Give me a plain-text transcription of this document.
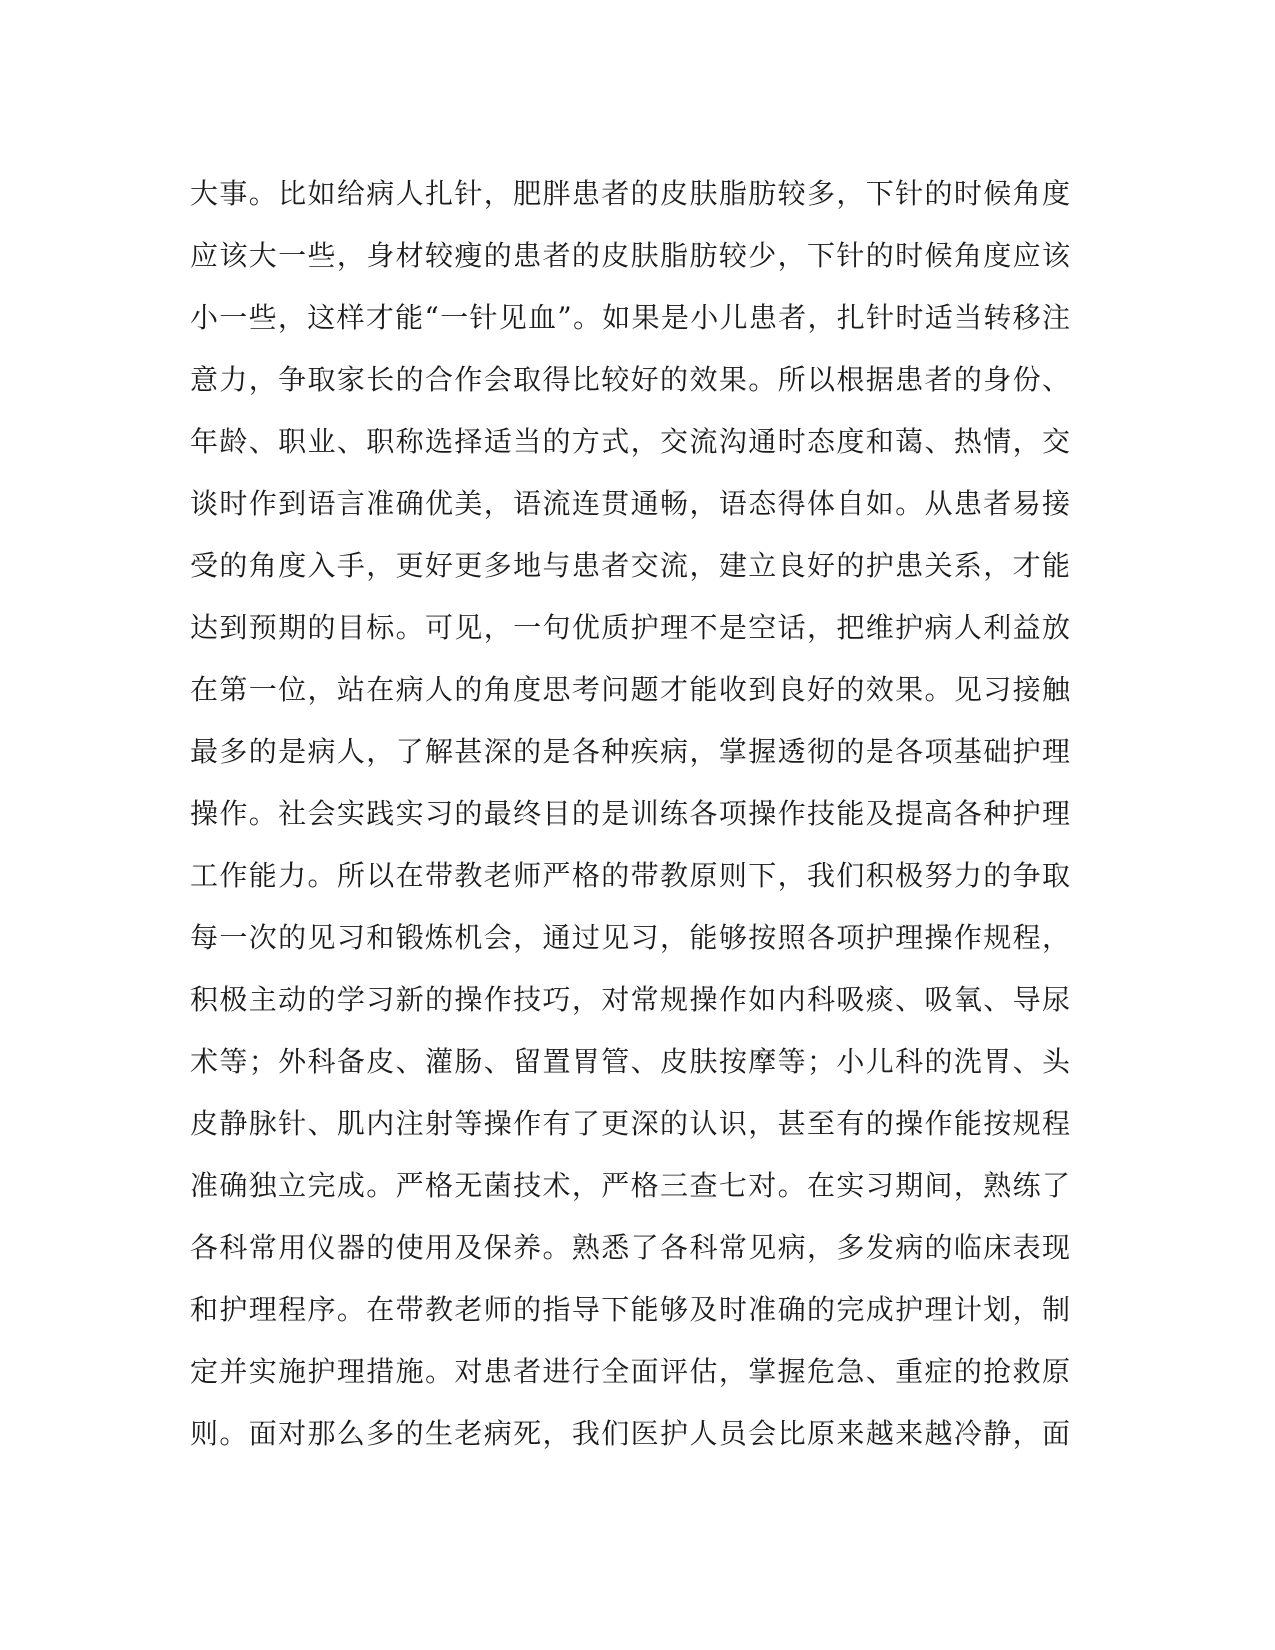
大事。比如给病人扎针，肥胖患者的皮肤脂肪较多，下针的时候角度
应该大一些，身材较瘦的患者的皮肤脂肪较少，下针的时候角度应该
小一些，这样才能“一针见血”。如果是小儿患者，扎针时适当转移注
意力，争取家长的合作会取得比较好的效果。所以根据患者的身份、
年龄、职业、职称选择适当的方式，交流沟通时态度和蔼、热情，交
谈时作到语言准确优美，语流连贯通畅，语态得体自如。从患者易接
受的角度入手，更好更多地与患者交流，建立良好的护患关系，才能
达到预期的目标。可见，一句优质护理不是空话，把维护病人利益放
在第一位，站在病人的角度思考问题才能收到良好的效果。见习接触
最多的是病人，了解甚深的是各种疾病，掌握透彻的是各项基础护理
操作。社会实践实习的最终目的是训练各项操作技能及提高各种护理
工作能力。所以在带教老师严格的带教原则下，我们积极努力的争取
每一次的见习和锻炼机会，通过见习，能够按照各项护理操作规程，
积极主动的学习新的操作技巧，对常规操作如内科吸痰、吸氧、导尿
术等；外科备皮、灌肠、留置胃管、皮肤按摩等；小儿科的洗胃、头
皮静脉针、肌内注射等操作有了更深的认识，甚至有的操作能按规程
准确独立完成。严格无菌技术，严格三查七对。在实习期间，熟练了
各科常用仪器的使用及保养。熟悉了各科常见病，多发病的临床表现
和护理程序。在带教老师的指导下能够及时准确的完成护理计划，制
定并实施护理措施。对患者进行全面评估，掌握危急、重症的抢救原
则。面对那么多的生老病死，我们医护人员会比原来越来越冷静，面
